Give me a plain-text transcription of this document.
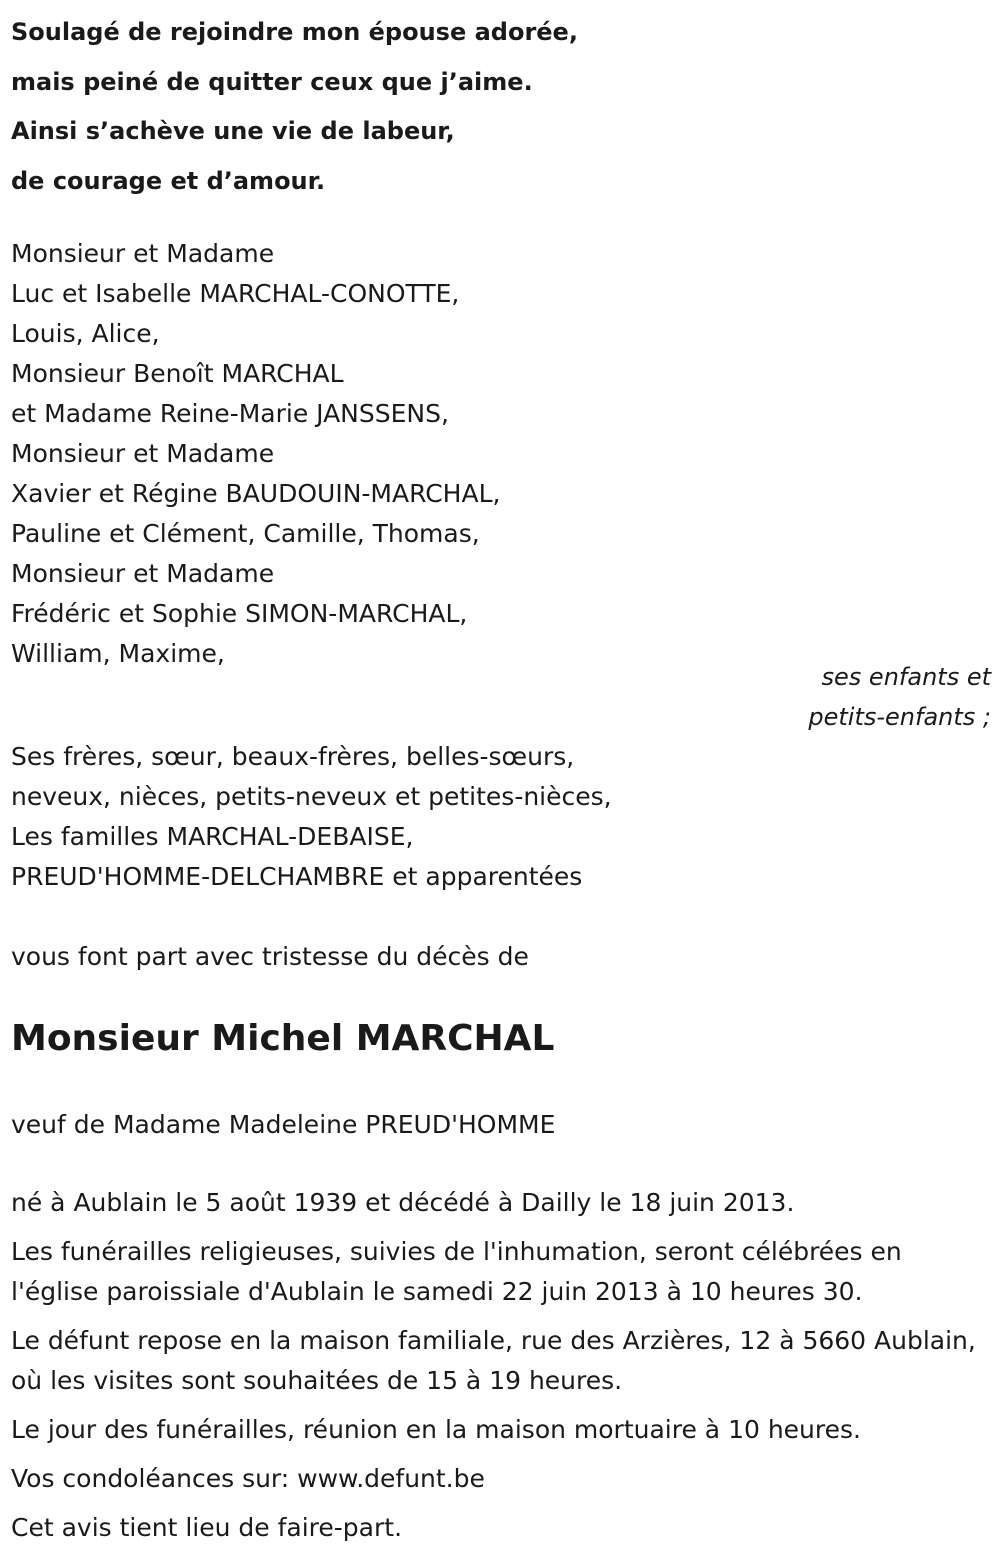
Soulagé de rejoindre mon épouse adorée,
mais peiné de quitter ceux que j’aime.
Ainsi s’achève une vie de labeur,
de courage et d’amour.
Monsieur et Madame
Luc et Isabelle MARCHAL-CONOTTE,
Louis, Alice,
Monsieur Benoît MARCHAL
et Madame Reine-Marie JANSSENS,
Monsieur et Madame
Xavier et Régine BAUDOUIN-MARCHAL,
Pauline et Clément, Camille, Thomas,
Monsieur et Madame
Frédéric et Sophie SIMON-MARCHAL,
William, Maxime,
ses enfants et
petits-enfants ;
Ses frères, sœur, beaux-frères, belles-sœurs,
neveux, nièces, petits-neveux et petites-nièces,
Les familles MARCHAL-DEBAISE,
PREUD'HOMME-DELCHAMBRE et apparentées
vous font part avec tristesse du décès de
Monsieur Michel MARCHAL
veuf de Madame Madeleine PREUD'HOMME

né à Aublain le 5 août 1939 et décédé à Dailly le 18 juin 2013.

Les funérailles religieuses, suivies de l'inhumation, seront célébrées en l'église paroissiale d'Aublain le samedi 22 juin 2013 à 10 heures 30.

Le défunt repose en la maison familiale, rue des Arzières, 12 à 5660 Aublain, où les visites sont souhaitées de 15 à 19 heures.

Le jour des funérailles, réunion en la maison mortuaire à 10 heures.

Vos condoléances sur: www.defunt.be

Cet avis tient lieu de faire-part.
